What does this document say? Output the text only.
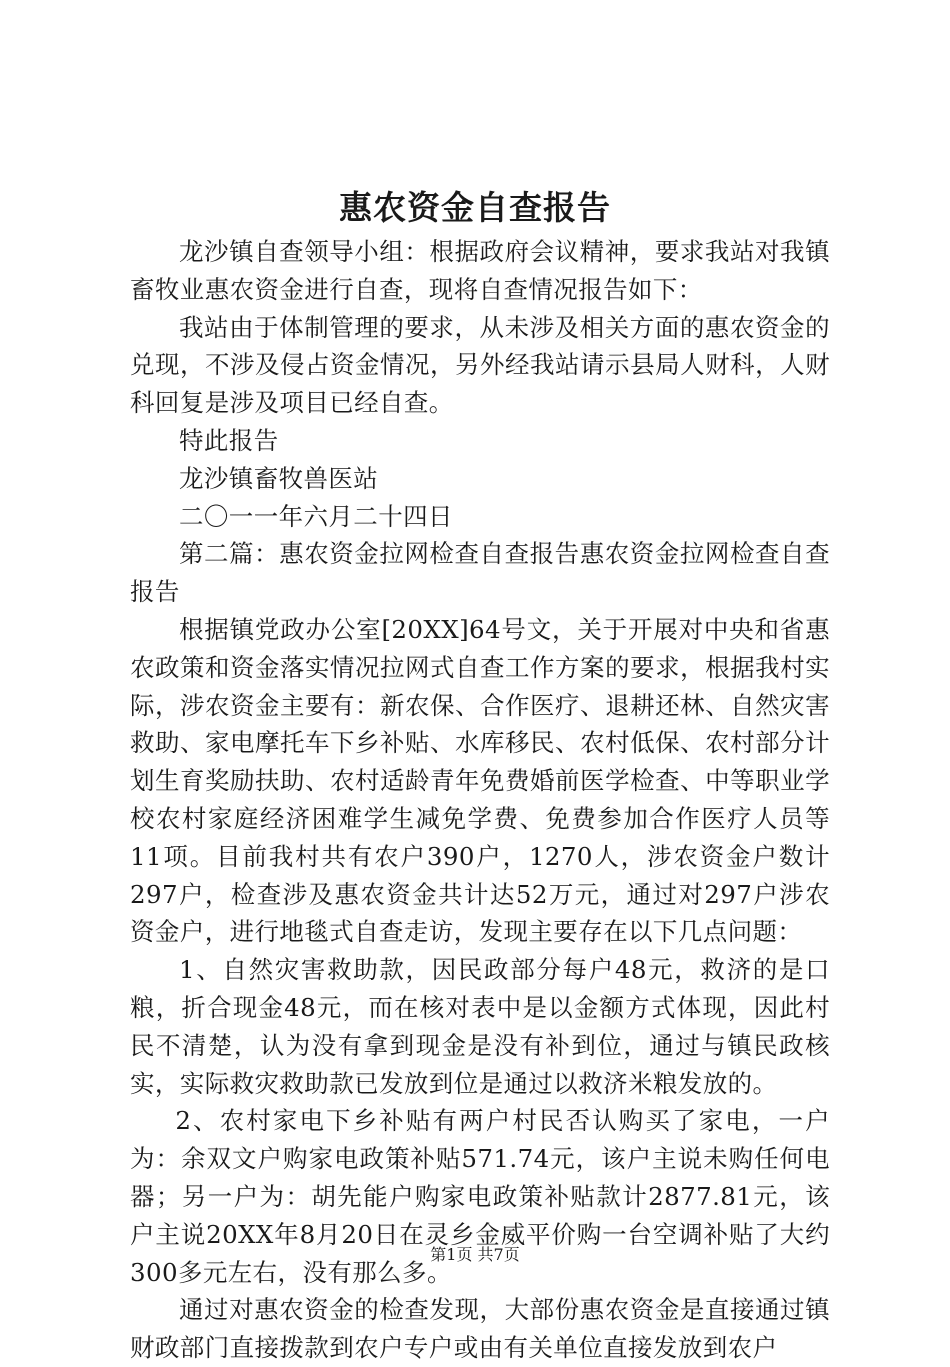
惠农资金自查报告

龙沙镇自查领导小组：根据政府会议精神，要求我站对我镇畜牧业惠农资金进行自查，现将自查情况报告如下：

我站由于体制管理的要求，从未涉及相关方面的惠农资金的兑现，不涉及侵占资金情况，另外经我站请示县局人财科，人财科回复是涉及项目已经自查。

特此报告

龙沙镇畜牧兽医站

二〇一一年六月二十四日

第二篇：惠农资金拉网检查自查报告惠农资金拉网检查自查报告

根据镇党政办公室[20XX]64号文，关于开展对中央和省惠农政策和资金落实情况拉网式自查工作方案的要求，根据我村实际，涉农资金主要有：新农保、合作医疗、退耕还林、自然灾害救助、家电摩托车下乡补贴、水库移民、农村低保、农村部分计划生育奖励扶助、农村适龄青年免费婚前医学检查、中等职业学校农村家庭经济困难学生减免学费、免费参加合作医疗人员等11项。目前我村共有农户390户，1270人，涉农资金户数计297户，检查涉及惠农资金共计达52万元，通过对297户涉农资金户，进行地毯式自查走访，发现主要存在以下几点问题：

1、自然灾害救助款，因民政部分每户48元，救济的是口粮，折合现金48元，而在核对表中是以金额方式体现，因此村民不清楚，认为没有拿到现金是没有补到位，通过与镇民政核实，实际救灾救助款已发放到位是通过以救济米粮发放的。

2、农村家电下乡补贴有两户村民否认购买了家电，一户为：余双文户购家电政策补贴571.74元，该户主说未购任何电器；另一户为：胡先能户购家电政策补贴款计2877.81元，该户主说20XX年8月20日在灵乡金威平价购一台空调补贴了大约300多元左右，没有那么多。

通过对惠农资金的检查发现，大部份惠农资金是直接通过镇财政部门直接拨款到农户专户或由有关单位直接发放到农户

第1页 共7页
